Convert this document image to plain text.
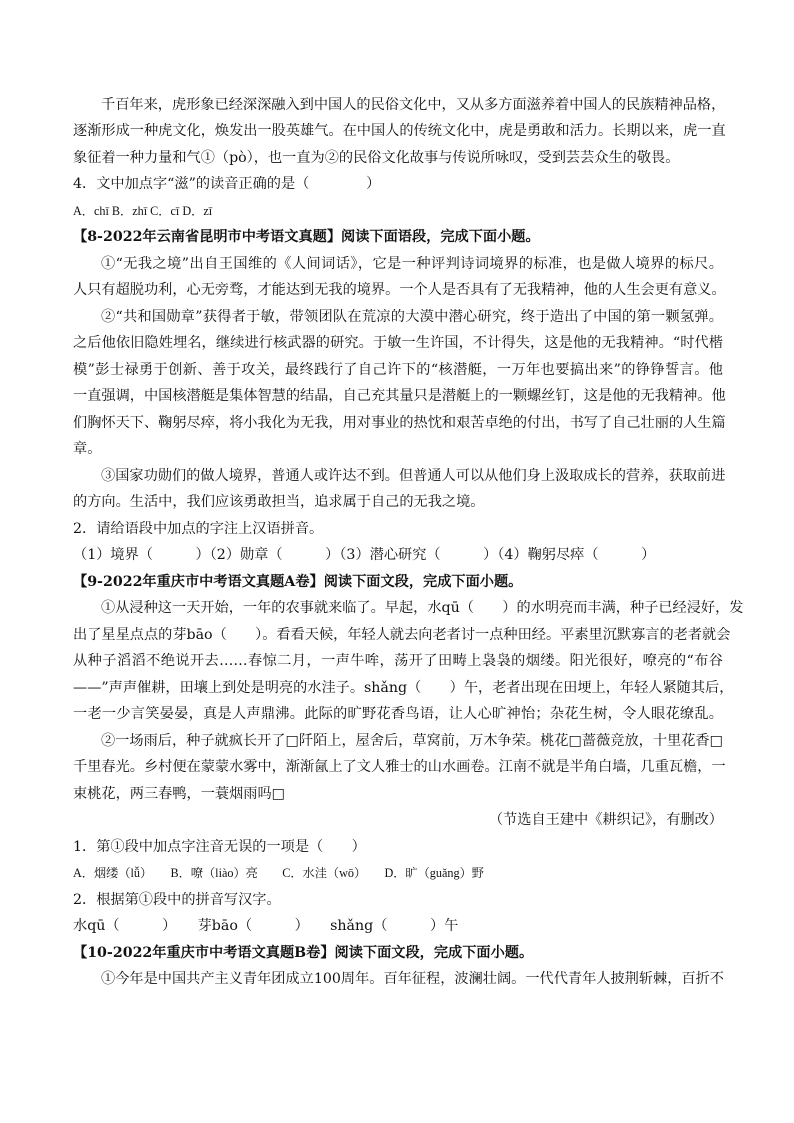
千百年来，虎形象已经深深融入到中国人的民俗文化中，又从多方面滋养着中国人的民族精神品格，
逐渐形成一种虎文化，焕发出一股英雄气。在中国人的传统文化中，虎是勇敢和活力。长期以来，虎一直
象征着一种力量和气①（pò），也一直为②的民俗文化故事与传说所咏叹，受到芸芸众生的敬畏。
4．文中加点字“滋”的读音正确的是（　　　　）
A．chī B．zhī C．cī D．zī
【8-2022年云南省昆明市中考语文真题】阅读下面语段，完成下面小题。
①“无我之境”出自王国维的《人间词话》，它是一种评判诗词境界的标准，也是做人境界的标尺。
人只有超脱功利，心无旁骛，才能达到无我的境界。一个人是否具有了无我精神，他的人生会更有意义。
②“共和国勋章”获得者于敏，带领团队在荒凉的大漠中潜心研究，终于造出了中国的第一颗氢弹。
之后他依旧隐姓埋名，继续进行核武器的研究。于敏一生许国，不计得失，这是他的无我精神。“时代楷
模”彭士禄勇于创新、善于攻关，最终践行了自己许下的“核潜艇，一万年也要搞出来”的铮铮誓言。他
一直强调，中国核潜艇是集体智慧的结晶，自己充其量只是潜艇上的一颗螺丝钉，这是他的无我精神。他
们胸怀天下、鞠躬尽瘁，将小我化为无我，用对事业的热忱和艰苦卓绝的付出，书写了自己壮丽的人生篇
章。
③国家功勋们的做人境界，普通人或许达不到。但普通人可以从他们身上汲取成长的营养，获取前进
的方向。生活中，我们应该勇敢担当，追求属于自己的无我之境。
2．请给语段中加点的字注上汉语拼音。
（1）境界（　　　）（2）勋章（　　　）（3）潜心研究（　　　）（4）鞠躬尽瘁（　　　）
【9-2022年重庆市中考语文真题A卷】阅读下面文段，完成下面小题。
①从浸种这一天开始，一年的农事就来临了。早起，水qū（　　）的水明亮而丰满，种子已经浸好，发
出了星星点点的芽bāo（　　）。看看天候，年轻人就去向老者讨一点种田经。平素里沉默寡言的老者就会
从种子滔滔不绝说开去……春惊二月，一声牛哞，荡开了田畴上袅袅的烟缕。阳光很好，嘹亮的“布谷
——”声声催耕，田壤上到处是明亮的水洼子。shǎng（　　）午，老者出现在田埂上，年轻人紧随其后，
一老一少言笑晏晏，真是人声鼎沸。此际的旷野花香鸟语，让人心旷神怡；杂花生树，令人眼花缭乱。
②一场雨后，种子就疯长开了□阡陌上，屋舍后，草窝前，万木争荣。桃花□蔷薇竞放，十里花香□
千里春光。乡村便在蒙蒙水雾中，渐渐氤上了文人雅士的山水画卷。江南不就是半角白墙，几重瓦檐，一
束桃花，两三春鸭，一蓑烟雨吗□
（节选自王建中《耕织记》，有删改）
1．第①段中加点字注音无误的一项是（　　）
A．烟缕（lǚ）　　B．嘹（liào）亮　　C．水洼（wō）　　D．旷（guǎng）野
2．根据第①段中的拼音写汉字。
水qū（　　　）　　芽bāo（　　　）　　shǎng（　　　）午
【10-2022年重庆市中考语文真题B卷】阅读下面文段，完成下面小题。
①今年是中国共产主义青年团成立100周年。百年征程，波澜壮阔。一代代青年人披荆斩棘，百折不
